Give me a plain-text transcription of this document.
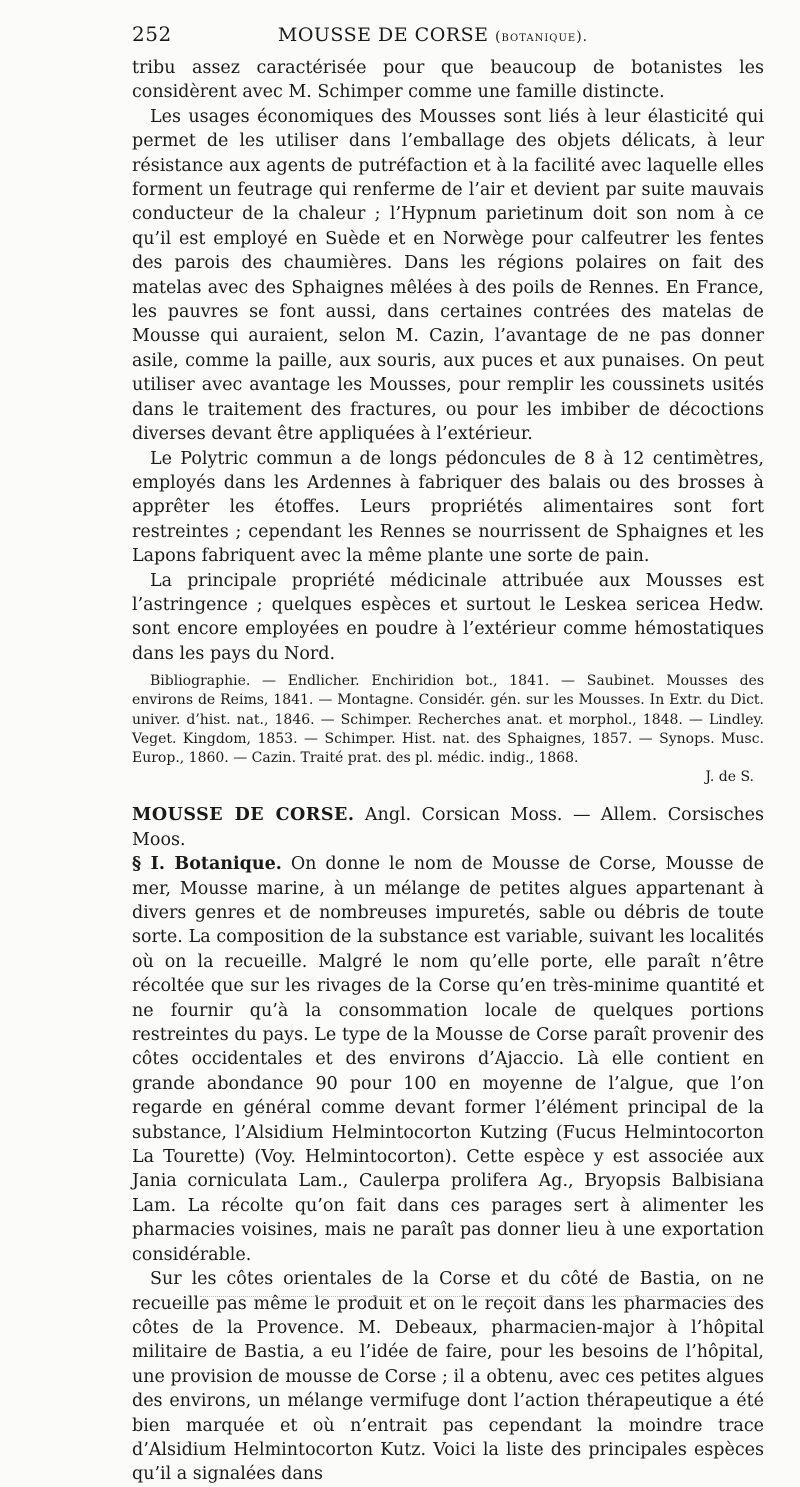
252	MOUSSE DE CORSE (botanique).

tribu assez caractérisée pour que beaucoup de botanistes les considèrent avec M. Schimper comme une famille distincte.

Les usages économiques des Mousses sont liés à leur élasticité qui permet de les utiliser dans l’emballage des objets délicats, à leur résistance aux agents de putréfaction et à la facilité avec laquelle elles forment un feutrage qui renferme de l’air et devient par suite mauvais conducteur de la chaleur ; l’Hypnum parietinum doit son nom à ce qu’il est employé en Suède et en Norwège pour calfeutrer les fentes des parois des chaumières. Dans les régions polaires on fait des matelas avec des Sphaignes mêlées à des poils de Rennes. En France, les pauvres se font aussi, dans certaines contrées des matelas de Mousse qui auraient, selon M. Cazin, l’avantage de ne pas donner asile, comme la paille, aux souris, aux puces et aux punaises. On peut utiliser avec avantage les Mousses, pour remplir les coussinets usités dans le traitement des fractures, ou pour les imbiber de décoctions diverses devant être appliquées à l’extérieur.

Le Polytric commun a de longs pédoncules de 8 à 12 centimètres, employés dans les Ardennes à fabriquer des balais ou des brosses à apprêter les étoffes. Leurs propriétés alimentaires sont fort restreintes ; cependant les Rennes se nourrissent de Sphaignes et les Lapons fabriquent avec la même plante une sorte de pain.

La principale propriété médicinale attribuée aux Mousses est l’astringence ; quelques espèces et surtout le Leskea sericea Hedw. sont encore employées en poudre à l’extérieur comme hémostatiques dans les pays du Nord.

Bibliographie. — Endlicher. Enchiridion bot., 1841. — Saubinet. Mousses des environs de Reims, 1841. — Montagne. Considér. gén. sur les Mousses. In Extr. du Dict. univer. d’hist. nat., 1846. — Schimper. Recherches anat. et morphol., 1848. — Lindley. Veget. Kingdom, 1853. — Schimper. Hist. nat. des Sphaignes, 1857. — Synops. Musc. Europ., 1860. — Cazin. Traité prat. des pl. médic. indig., 1868.

J. de S.

MOUSSE DE CORSE. Angl. Corsican Moss. — Allem. Corsisches Moos.

§ I. Botanique. On donne le nom de Mousse de Corse, Mousse de mer, Mousse marine, à un mélange de petites algues appartenant à divers genres et de nombreuses impuretés, sable ou débris de toute sorte. La composition de la substance est variable, suivant les localités où on la recueille. Malgré le nom qu’elle porte, elle paraît n’être récoltée que sur les rivages de la Corse qu’en très-minime quantité et ne fournir qu’à la consommation locale de quelques portions restreintes du pays. Le type de la Mousse de Corse paraît provenir des côtes occidentales et des environs d’Ajaccio. Là elle contient en grande abondance 90 pour 100 en moyenne de l’algue, que l’on regarde en général comme devant former l’élément principal de la substance, l’Alsidium Helmintocorton Kutzing (Fucus Helmintocorton La Tourette) (Voy. Helmintocorton). Cette espèce y est associée aux Jania corniculata Lam., Caulerpa prolifera Ag., Bryopsis Balbisiana Lam. La récolte qu’on fait dans ces parages sert à alimenter les pharmacies voisines, mais ne paraît pas donner lieu à une exportation considérable.

Sur les côtes orientales de la Corse et du côté de Bastia, on ne recueille pas même le produit et on le reçoit dans les pharmacies des côtes de la Provence. M. Debeaux, pharmacien-major à l’hôpital militaire de Bastia, a eu l’idée de faire, pour les besoins de l’hôpital, une provision de mousse de Corse ; il a obtenu, avec ces petites algues des environs, un mélange vermifuge dont l’action thérapeutique a été bien marquée et où n’entrait pas cependant la moindre trace d’Alsidium Helmintocorton Kutz. Voici la liste des principales espèces qu’il a signalées dans
